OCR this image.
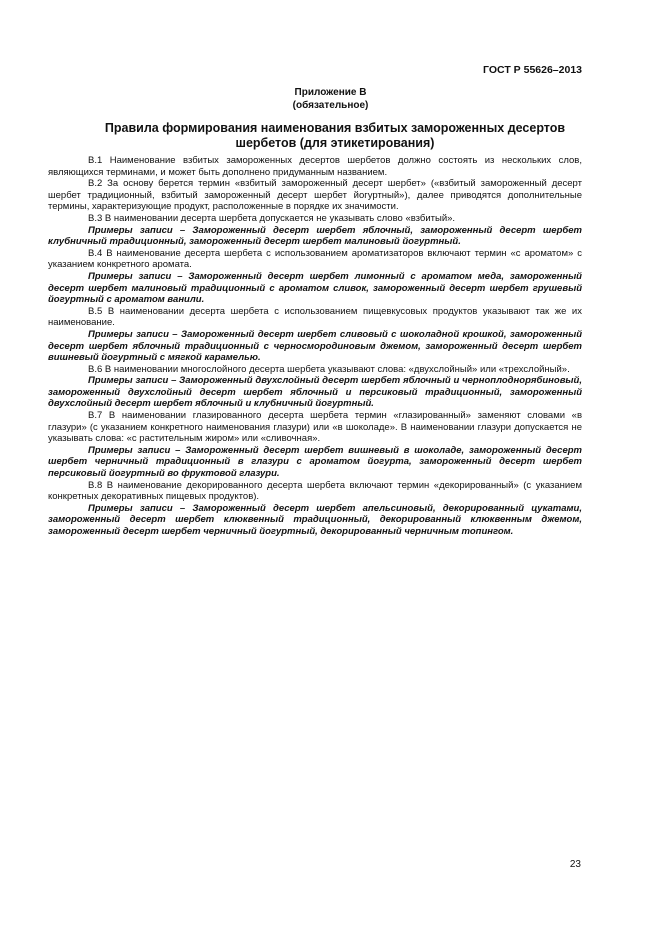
ГОСТ Р 55626–2013
Приложение В
(обязательное)
Правила формирования наименования взбитых замороженных десертов шербетов (для этикетирования)

В.1 Наименование взбитых замороженных десертов шербетов должно состоять из нескольких слов, являющихся терминами, и может быть дополнено придуманным названием.

В.2 За основу берется термин «взбитый замороженный десерт шербет» («взбитый замороженный десерт шербет традиционный, взбитый замороженный десерт шербет йогуртный»), далее приводятся дополнительные термины, характеризующие продукт, расположенные в порядке их значимости.

В.3 В наименовании десерта шербета допускается не указывать слово «взбитый».

Примеры записи – Замороженный десерт шербет яблочный, замороженный десерт шербет клубничный традиционный, замороженный десерт шербет малиновый йогуртный.

В.4 В наименование десерта шербета с использованием ароматизаторов включают термин «с ароматом» с указанием конкретного аромата.

Примеры записи – Замороженный десерт шербет лимонный с ароматом меда, замороженный десерт шербет малиновый традиционный с ароматом сливок, замороженный десерт шербет грушевый йогуртный с ароматом ванили.

В.5 В наименовании десерта шербета с использованием пищевкусовых продуктов указывают так же их наименование.

Примеры записи – Замороженный десерт шербет сливовый с шоколадной крошкой, замороженный десерт шербет яблочный традиционный с черносмородиновым джемом, замороженный десерт шербет вишневый йогуртный с мягкой карамелью.

В.6 В наименовании многослойного десерта шербета указывают слова: «двухслойный» или «трехслойный».

Примеры записи – Замороженный двухслойный десерт шербет яблочный и черноплоднорябиновый, замороженный двухслойный десерт шербет яблочный и персиковый традиционный, замороженный двухслойный десерт шербет яблочный и клубничный йогуртный.

В.7 В наименовании глазированного десерта шербета термин «глазированный» заменяют словами «в глазури» (с указанием конкретного наименования глазури) или «в шоколаде». В наименовании глазури допускается не указывать слова: «с растительным жиром» или «сливочная».

Примеры записи – Замороженный десерт шербет вишневый в шоколаде, замороженный десерт шербет черничный традиционный в глазури с ароматом йогурта, замороженный десерт шербет персиковый йогуртный во фруктовой глазури.

В.8 В наименование декорированного десерта шербета включают термин «декорированный» (с указанием конкретных декоративных пищевых продуктов).

Примеры записи – Замороженный десерт шербет апельсиновый, декорированный цукатами, замороженный десерт шербет клюквенный традиционный, декорированный клюквенным джемом, замороженный десерт шербет черничный йогуртный, декорированный черничным топингом.

23
